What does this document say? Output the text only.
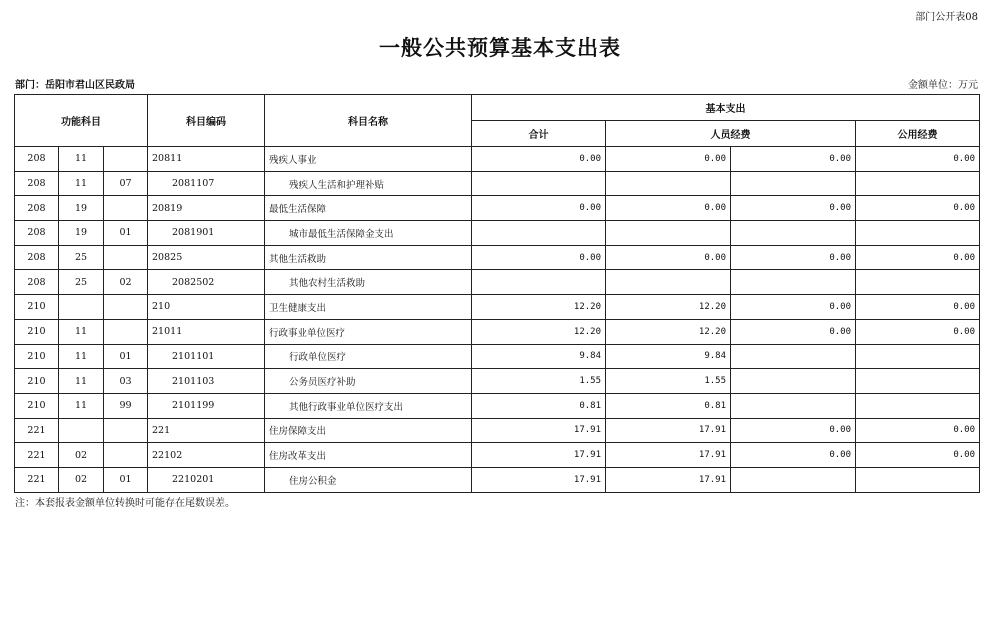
部门公开表08
一般公共预算基本支出表
部门：岳阳市君山区民政局	金额单位：万元
功能科目			科目编码	科目名称	基本支出			
					合计	人员经费		公用经费
208	11		20811	残疾人事业	0.00	0.00	0.00	0.00
208	11	07	2081107	残疾人生活和护理补贴				
208	19		20819	最低生活保障	0.00	0.00	0.00	0.00
208	19	01	2081901	城市最低生活保障金支出				
208	25		20825	其他生活救助	0.00	0.00	0.00	0.00
208	25	02	2082502	其他农村生活救助				
210			210	卫生健康支出	12.20	12.20	0.00	0.00
210	11		21011	行政事业单位医疗	12.20	12.20	0.00	0.00
210	11	01	2101101	行政单位医疗	9.84	9.84		
210	11	03	2101103	公务员医疗补助	1.55	1.55		
210	11	99	2101199	其他行政事业单位医疗支出	0.81	0.81		
221			221	住房保障支出	17.91	17.91	0.00	0.00
221	02		22102	住房改革支出	17.91	17.91	0.00	0.00
221	02	01	2210201	住房公积金	17.91	17.91		
注：本套报表金额单位转换时可能存在尾数误差。
